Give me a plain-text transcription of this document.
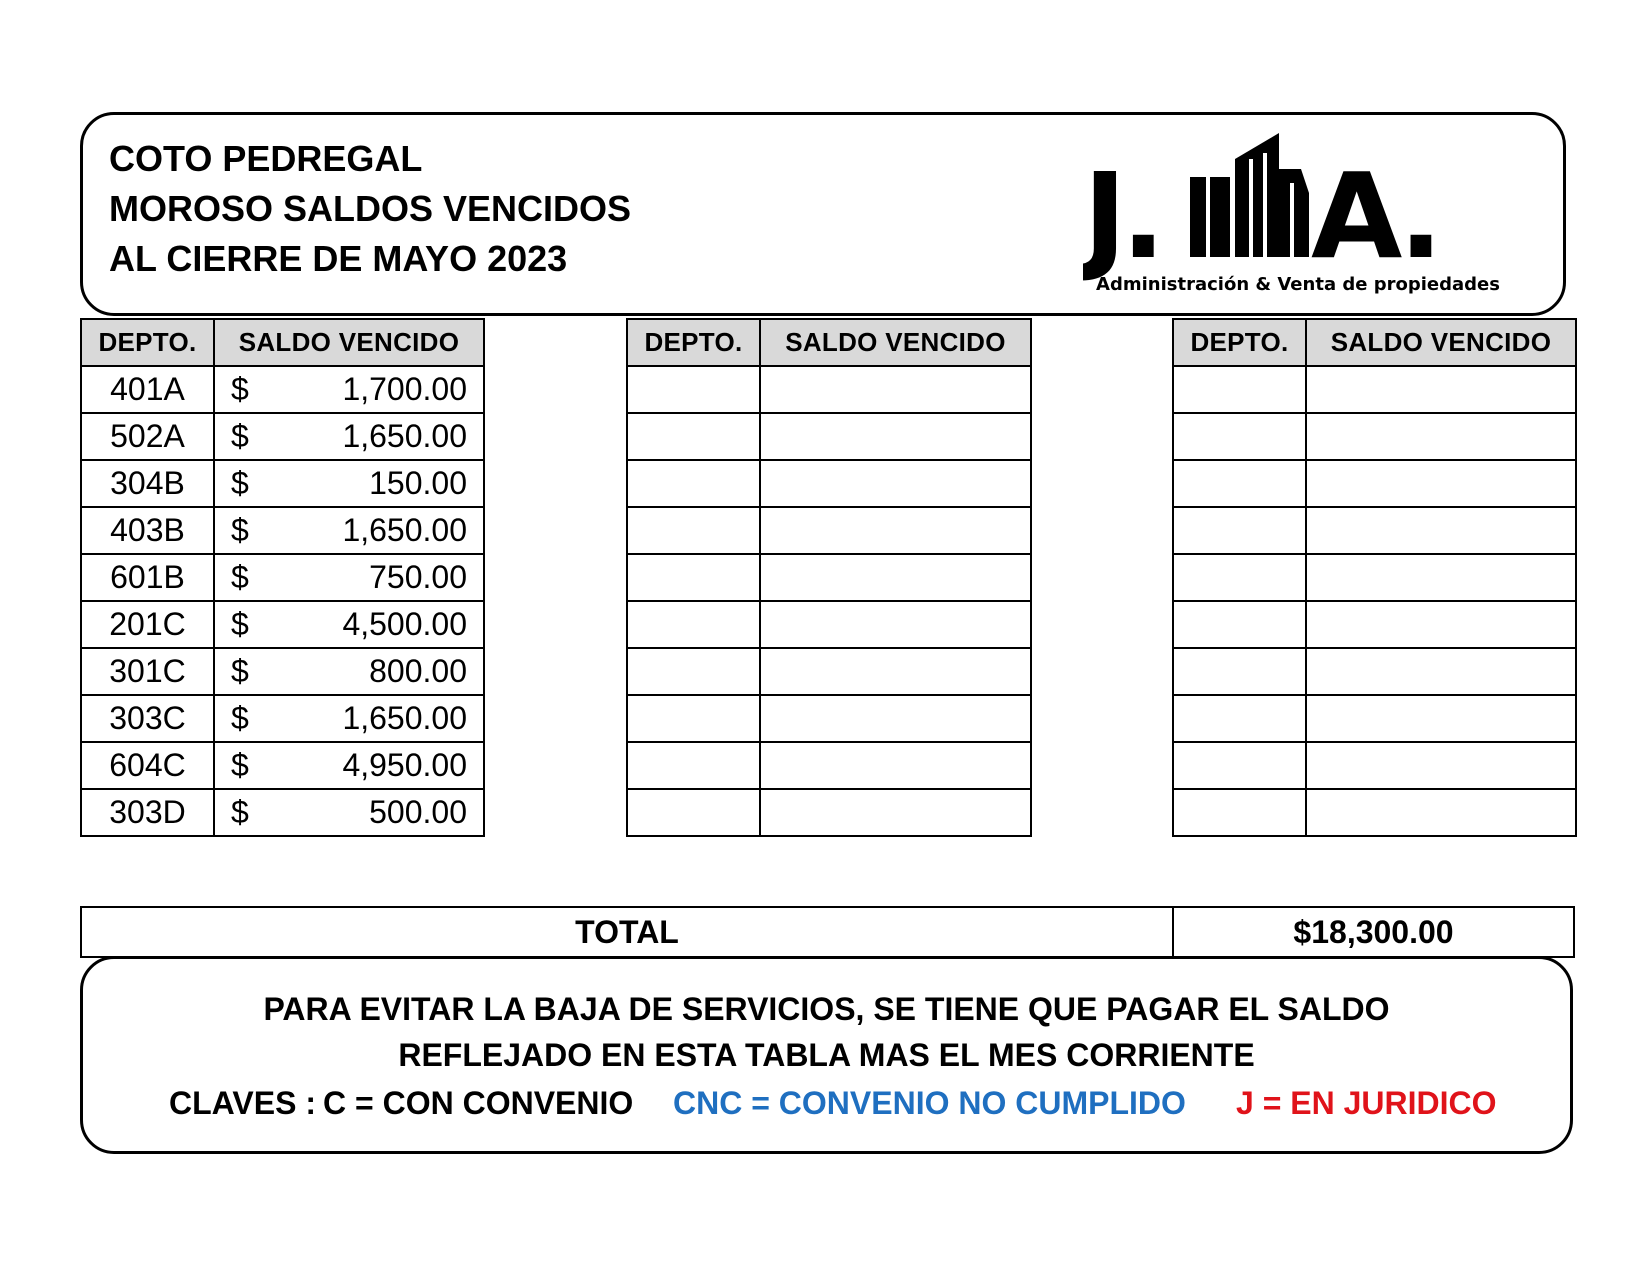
COTO PEDREGAL
MOROSO SALDOS VENCIDOS
AL CIERRE DE MAYO 2023	J. A.
Administración & Venta de propiedades
DEPTO.	SALDO VENCIDO
401A	$ 1,700.00

502A	$ 1,650.00

304B	$ 150.00

403B	$ 1,650.00

601B	$ 750.00

201C	$ 4,500.00

301C	$ 800.00

303C	$ 1,650.00

604C	$ 4,950.00

303D	$ 500.00
DEPTO.	SALDO VENCIDO

		DEPTO.	SALDO VENCIDO

TOTAL	$18,300.00
PARA EVITAR LA BAJA DE SERVICIOS, SE TIENE QUE PAGAR EL SALDO
REFLEJADO EN ESTA TABLA MAS EL MES CORRIENTE
CLAVES : C = CON CONVENIO CNC = CONVENIO NO CUMPLIDO J = EN JURIDICO
